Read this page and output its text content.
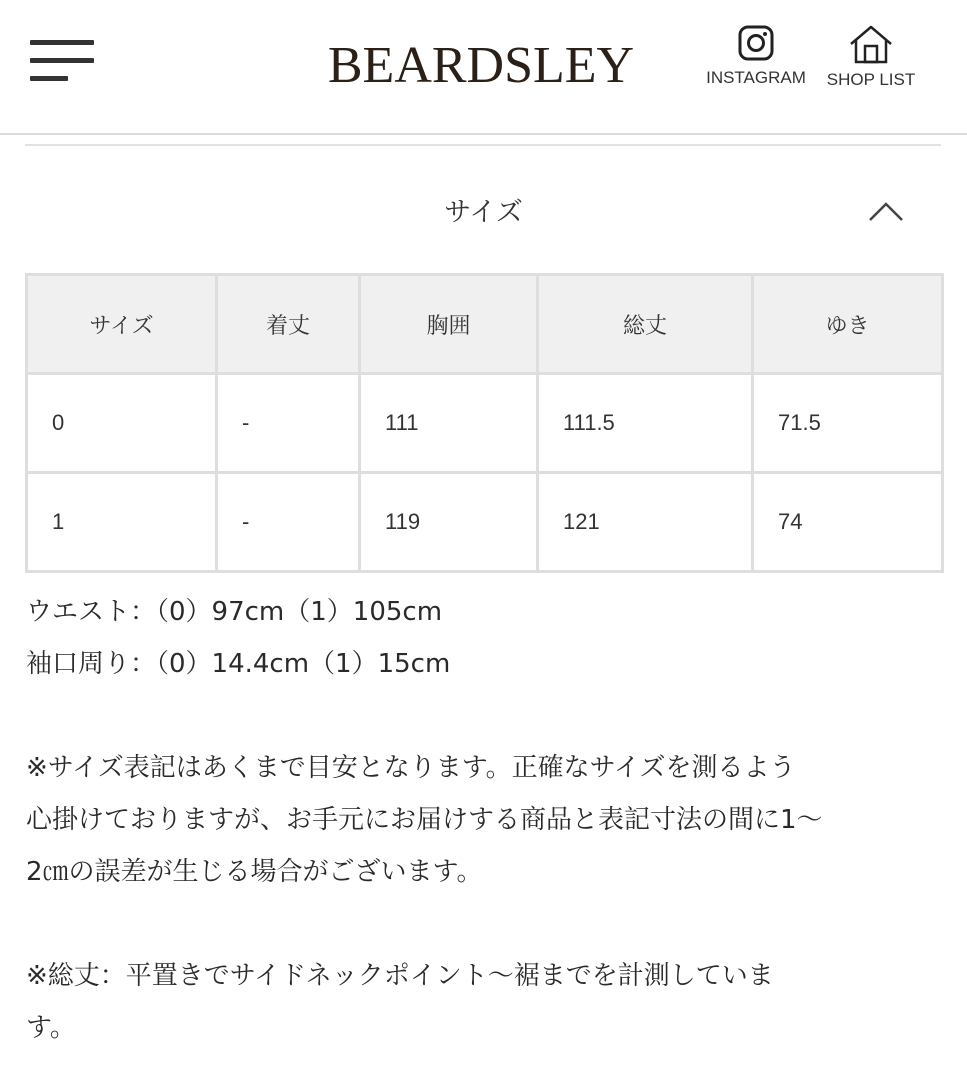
BEARDSLEY	INSTAGRAM	SHOP LIST
サイズ
サイズ	着丈	胸囲	総丈	ゆき
0	-	111	111.5	71.5
1	-	119	121	74

ウエスト：（0）97cm（1）105cm

袖口周り：（0）14.4cm（1）15cm

※サイズ表記はあくまで目安となります。正確なサイズを測るよう

心掛けておりますが、お手元にお届けする商品と表記寸法の間に1〜

2㎝の誤差が生じる場合がございます。

※総丈：平置きでサイドネックポイント〜裾までを計測していま

す。
